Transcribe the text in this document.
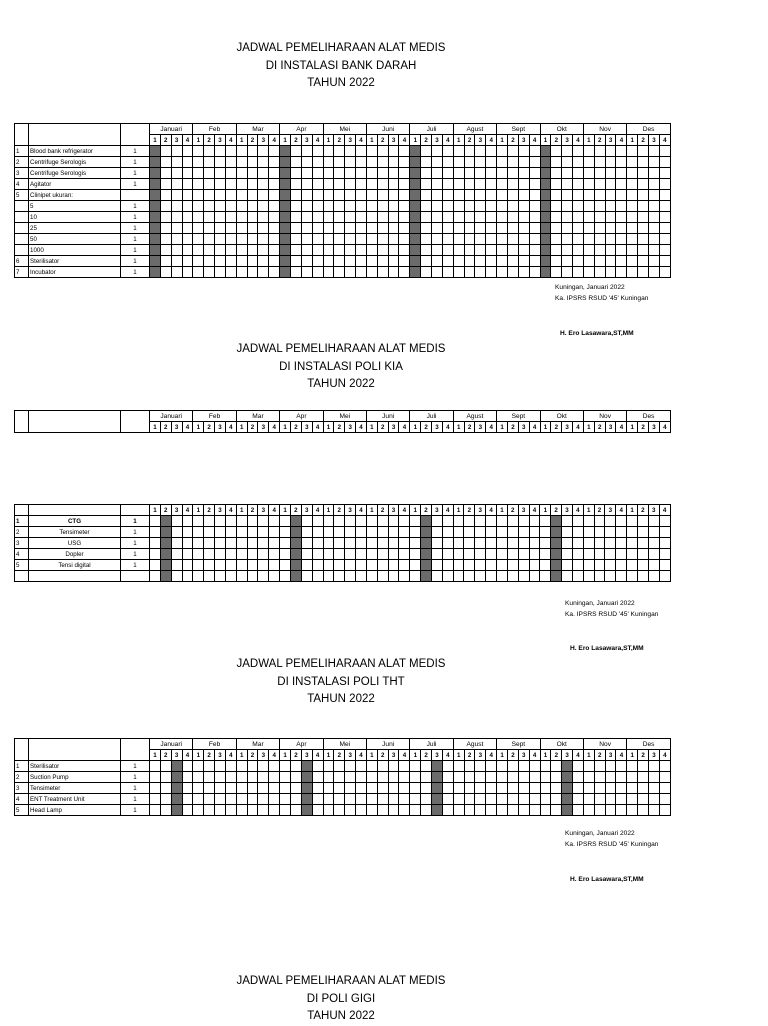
JADWAL PEMELIHARAAN ALAT MEDIS
DI INSTALASI BANK DARAH
TAHUN 2022
			Januari				Feb				Mar				Apr				Mei				Juni				Juli				Agust				Sept				Okt				Nov				Des			
			1	2	3	4	1	2	3	4	1	2	3	4	1	2	3	4	1	2	3	4	1	2	3	4	1	2	3	4	1	2	3	4	1	2	3	4	1	2	3	4	1	2	3	4	1	2	3	4
1	Blood bank refrigerator	1																																																
2	Centrifuge Serologis	1																																																
3	Centrifuge Serologis	1																																																
4	Agitator	1																																																
5	Clinipet ukuran:																																																	
	5	1																																																
	10	1																																																
	25	1																																																
	50	1																																																
	1000	1																																																
6	Sterilisator	1																																																
7	Incubator	1																																																
Kuningan, Januari 2022
Ka. IPSRS RSUD '45' Kuningan
H. Ero Lasawara,ST,MM
JADWAL PEMELIHARAAN ALAT MEDIS
DI INSTALASI POLI KIA
TAHUN 2022
			Januari				Feb				Mar				Apr				Mei				Juni				Juli				Agust				Sept				Okt				Nov				Des			
			1	2	3	4	1	2	3	4	1	2	3	4	1	2	3	4	1	2	3	4	1	2	3	4	1	2	3	4	1	2	3	4	1	2	3	4	1	2	3	4	1	2	3	4	1	2	3	4
			1	2	3	4	1	2	3	4	1	2	3	4	1	2	3	4	1	2	3	4	1	2	3	4	1	2	3	4	1	2	3	4	1	2	3	4	1	2	3	4	1	2	3	4	1	2	3	4
1	CTG	1																																																
2	Tensimeter	1																																																
3	USG	1																																																
4	Dopler	1																																																
5	Tensi digital	1																																																

Kuningan, Januari 2022
Ka. IPSRS RSUD '45' Kuningan
H. Ero Lasawara,ST,MM
JADWAL PEMELIHARAAN ALAT MEDIS
DI INSTALASI POLI THT
TAHUN 2022
			Januari				Feb				Mar				Apr				Mei				Juni				Juli				Agust				Sept				Okt				Nov				Des			
			1	2	3	4	1	2	3	4	1	2	3	4	1	2	3	4	1	2	3	4	1	2	3	4	1	2	3	4	1	2	3	4	1	2	3	4	1	2	3	4	1	2	3	4	1	2	3	4
1	Sterilisator	1																																																
2	Suction Pump	1																																																
3	Tensimeter	1																																																
4	ENT Treatment Unit	1																																																
5	Head Lamp	1																																																
Kuningan, Januari 2022
Ka. IPSRS RSUD '45' Kuningan
H. Ero Lasawara,ST,MM
JADWAL PEMELIHARAAN ALAT MEDIS
DI POLI GIGI
TAHUN 2022
